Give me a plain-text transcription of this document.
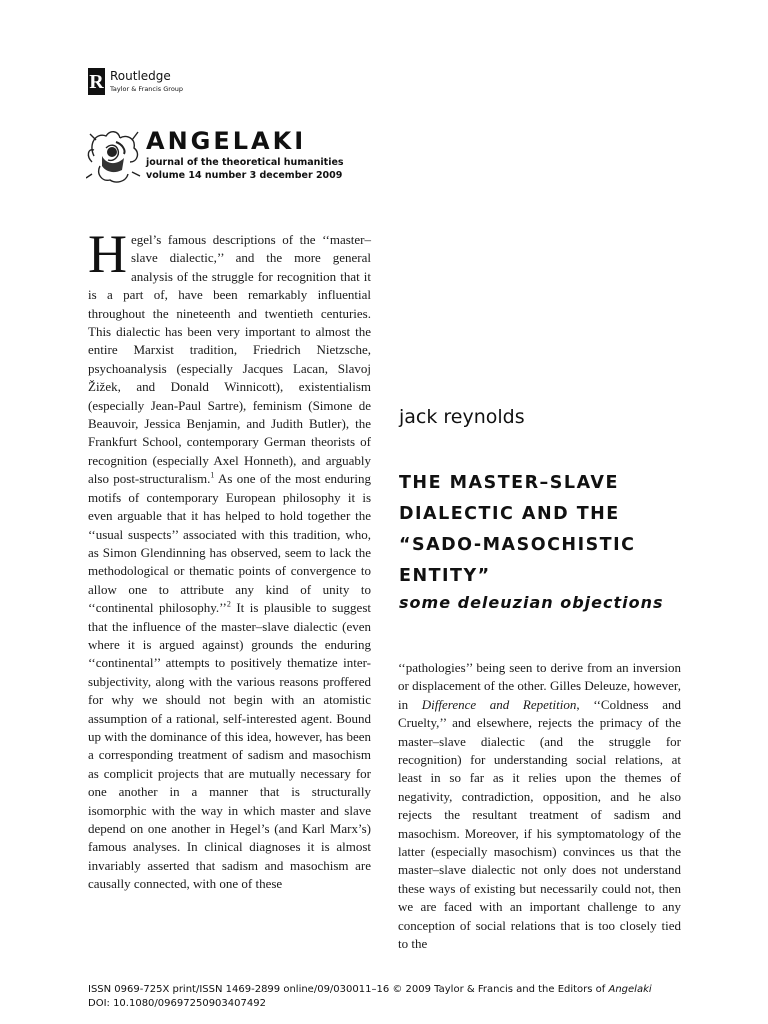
R Routledge
Taylor & Francis Group
ANGELAKI
journal of the theoretical humanities
volume 14 number 3 december 2009

Hegel’s famous descriptions of the ‘‘master–slave dialectic,’’ and the more general analysis of the struggle for recognition that it is a part of, have been remarkably influential throughout the nineteenth and twentieth centuries. This dialectic has been very important to almost the entire Marxist tradition, Friedrich Nietzsche, psychoanalysis (especially Jacques Lacan, Slavoj Žižek, and Donald Winnicott), existentialism (especially Jean-Paul Sartre), feminism (Simone de Beauvoir, Jessica Benjamin, and Judith Butler), the Frankfurt School, contemporary German theorists of recognition (especially Axel Honneth), and arguably also post-structuralism.$^1$ As one of the most enduring motifs of contemporary European philosophy it is even arguable that it has helped to hold together the ‘‘usual suspects’’ associated with this tradition, who, as Simon Glendinning has observed, seem to lack the methodological or thematic points of convergence to allow one to attribute any kind of unity to ‘‘continental philosophy.’’$^2$ It is plausible to suggest that the influence of the master–slave dialectic (even where it is argued against) grounds the enduring ‘‘continental’’ attempts to positively thematize inter-subjectivity, along with the various reasons proffered for why we should not begin with an atomistic assumption of a rational, self-interested agent. Bound up with the dominance of this idea, however, has been a corresponding treatment of sadism and masochism as complicit projects that are mutually necessary for one another in a manner that is structurally isomorphic with the way in which master and slave depend on one another in Hegel’s (and Karl Marx’s) famous analyses. In clinical diagnoses it is almost invariably asserted that sadism and masochism are causally connected, with one of these

jack reynolds
THE MASTER–SLAVE
DIALECTIC AND THE
“SADO-MASOCHISTIC
ENTITY”
some deleuzian objections

‘‘pathologies’’ being seen to derive from an inversion or displacement of the other. Gilles Deleuze, however, in Difference and Repetition, ‘‘Coldness and Cruelty,’’ and elsewhere, rejects the primacy of the master–slave dialectic (and the struggle for recognition) for understanding social relations, at least in so far as it relies upon the themes of negativity, contradiction, opposition, and he also rejects the resultant treatment of sadism and masochism. Moreover, if his symptomatology of the latter (especially masochism) convinces us that the master–slave dialectic not only does not understand these ways of existing but necessarily could not, then we are faced with an important challenge to any conception of social relations that is too closely tied to the

ISSN 0969-725X print/ISSN 1469-2899 online/09/030011–16 © 2009 Taylor & Francis and the Editors of Angelaki
DOI: 10.1080/09697250903407492
